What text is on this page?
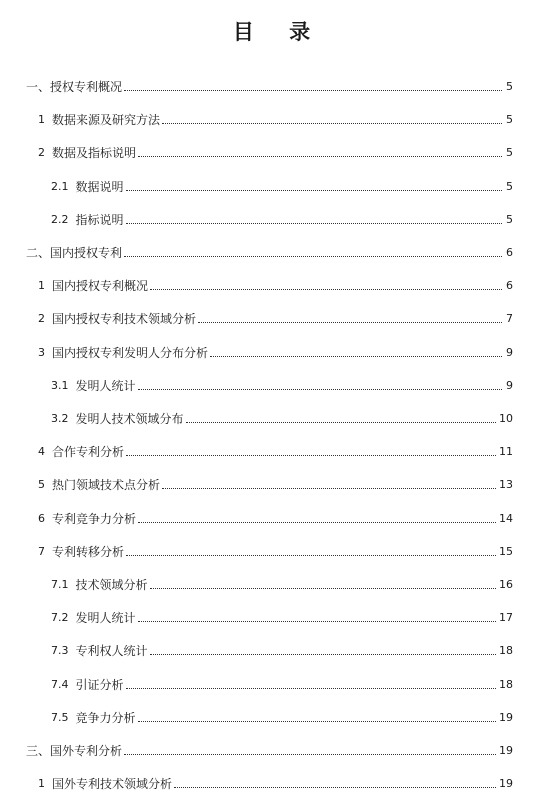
目 录
一、 授权专利概况	5
1 数据来源及研究方法	5
2 数据及指标说明	5
2.1 数据说明	5
2.2 指标说明	5
二、 国内授权专利	6
1 国内授权专利概况	6
2 国内授权专利技术领域分析	7
3 国内授权专利发明人分布分析	9
3.1 发明人统计	9
3.2 发明人技术领域分布	10
4 合作专利分析	11
5 热门领域技术点分析	13
6 专利竞争力分析	14
7 专利转移分析	15
7.1 技术领域分析	16
7.2 发明人统计	17
7.3 专利权人统计	18
7.4 引证分析	18
7.5 竞争力分析	19
三、 国外专利分析	19
1 国外专利技术领域分析	19
